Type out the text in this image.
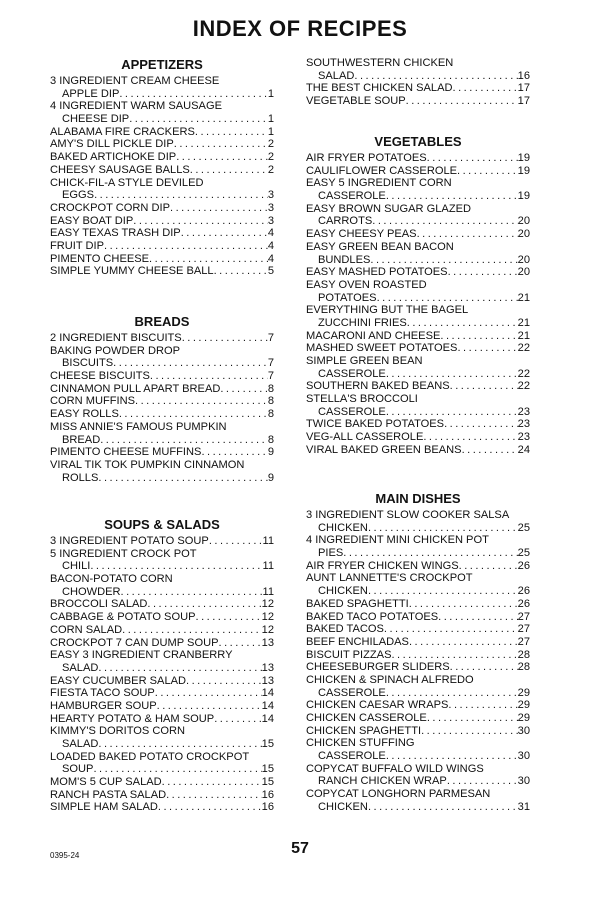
INDEX OF RECIPES
APPETIZERS
3 INGREDIENT CREAM CHEESE
APPLE DIP . . .	1
4 INGREDIENT WARM SAUSAGE
CHEESE DIP . . .	1
ALABAMA FIRE CRACKERS . . .	1
AMY'S DILL PICKLE DIP . . .	2
BAKED ARTICHOKE DIP . . .	2
CHEESY SAUSAGE BALLS . . .	2
CHICK-FIL-A STYLE DEVILED
EGGS . . .	3
CROCKPOT CORN DIP . . .	3
EASY BOAT DIP . . .	3
EASY TEXAS TRASH DIP . . .	4
FRUIT DIP . . .	4
PIMENTO CHEESE . . .	4
SIMPLE YUMMY CHEESE BALL . . .	5
BREADS
2 INGREDIENT BISCUITS . . .	7
BAKING POWDER DROP
BISCUITS . . .	7
CHEESE BISCUITS . . .	7
CINNAMON PULL APART BREAD . . .	8
CORN MUFFINS . . .	8
EASY ROLLS . . .	8
MISS ANNIE'S FAMOUS PUMPKIN
BREAD . . .	8
PIMENTO CHEESE MUFFINS . . .	9
VIRAL TIK TOK PUMPKIN CINNAMON
ROLLS . . .	9
SOUPS & SALADS
3 INGREDIENT POTATO SOUP . . .	11
5 INGREDIENT CROCK POT
CHILI . . .	11
BACON-POTATO CORN
CHOWDER . . .	11
BROCCOLI SALAD . . .	12
CABBAGE & POTATO SOUP . . .	12
CORN SALAD . . .	12
CROCKPOT 7 CAN DUMP SOUP . . .	13
EASY 3 INGREDIENT CRANBERRY
SALAD . . .	13
EASY CUCUMBER SALAD . . .	13
FIESTA TACO SOUP . . .	14
HAMBURGER SOUP . . .	14
HEARTY POTATO & HAM SOUP . . .	14
KIMMY'S DORITOS CORN
SALAD . . .	15
LOADED BAKED POTATO CROCKPOT
SOUP . . .	15
MOM'S 5 CUP SALAD . . .	15
RANCH PASTA SALAD . . .	16
SIMPLE HAM SALAD . . .	16
SOUTHWESTERN CHICKEN
SALAD . . .	16
THE BEST CHICKEN SALAD . . .	17
VEGETABLE SOUP . . .	17
VEGETABLES
AIR FRYER POTATOES . . .	19
CAULIFLOWER CASSEROLE . . .	19
EASY 5 INGREDIENT CORN
CASSEROLE . . .	19
EASY BROWN SUGAR GLAZED
CARROTS . . .	20
EASY CHEESY PEAS . . .	20
EASY GREEN BEAN BACON
BUNDLES . . .	20
EASY MASHED POTATOES . . .	20
EASY OVEN ROASTED
POTATOES . . .	21
EVERYTHING BUT THE BAGEL
ZUCCHINI FRIES . . .	21
MACARONI AND CHEESE . . .	21
MASHED SWEET POTATOES . . .	22
SIMPLE GREEN BEAN
CASSEROLE . . .	22
SOUTHERN BAKED BEANS . . .	22
STELLA'S BROCCOLI
CASSEROLE . . .	23
TWICE BAKED POTATOES . . .	23
VEG-ALL CASSEROLE . . .	23
VIRAL BAKED GREEN BEANS . . .	24
MAIN DISHES
3 INGREDIENT SLOW COOKER SALSA
CHICKEN . . .	25
4 INGREDIENT MINI CHICKEN POT
PIES . . .	25
AIR FRYER CHICKEN WINGS . . .	26
AUNT LANNETTE'S CROCKPOT
CHICKEN . . .	26
BAKED SPAGHETTI . . .	26
BAKED TACO POTATOES . . .	27
BAKED TACOS . . .	27
BEEF ENCHILADAS . . .	27
BISCUIT PIZZAS . . .	28
CHEESEBURGER SLIDERS . . .	28
CHICKEN & SPINACH ALFREDO
CASSEROLE . . .	29
CHICKEN CAESAR WRAPS . . .	29
CHICKEN CASSEROLE . . .	29
CHICKEN SPAGHETTI . . .	30
CHICKEN STUFFING
CASSEROLE . . .	30
COPYCAT BUFFALO WILD WINGS
RANCH CHICKEN WRAP . . .	30
COPYCAT LONGHORN PARMESAN
CHICKEN . . .	31
57
0395-24
